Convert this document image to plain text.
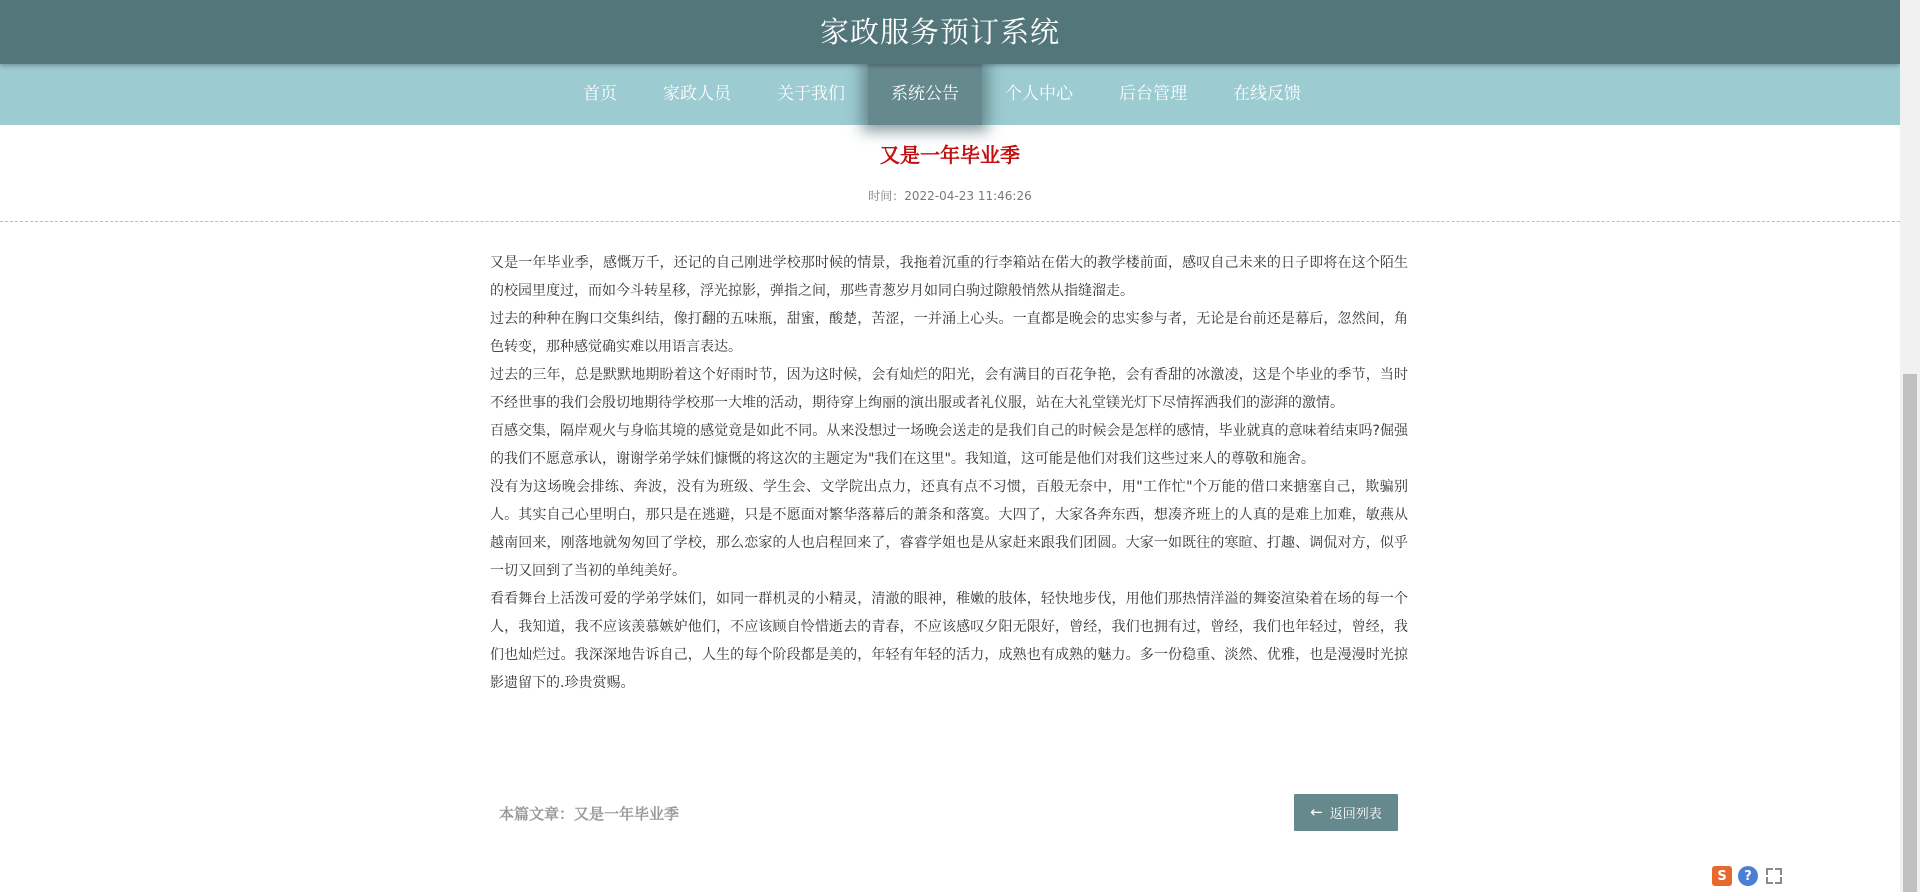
家政服务预订系统
首页	家政人员	关于我们	系统公告	个人中心	后台管理	在线反馈
又是一年毕业季
时间：2022-04-23 11:46:26

又是一年毕业季，感慨万千，还记的自己刚进学校那时候的情景，我拖着沉重的行李箱站在偌大的教学楼前面，感叹自己未来的日子即将在这个陌生的校园里度过，而如今斗转星移，浮光掠影，弹指之间，那些青葱岁月如同白驹过隙般悄然从指缝溜走。

过去的种种在胸口交集纠结，像打翻的五味瓶，甜蜜，酸楚，苦涩，一并涌上心头。一直都是晚会的忠实参与者，无论是台前还是幕后，忽然间，角色转变，那种感觉确实难以用语言表达。

过去的三年，总是默默地期盼着这个好雨时节，因为这时候，会有灿烂的阳光，会有满目的百花争艳，会有香甜的冰激凌，这是个毕业的季节，当时不经世事的我们会殷切地期待学校那一大堆的活动，期待穿上绚丽的演出服或者礼仪服，站在大礼堂镁光灯下尽情挥洒我们的澎湃的激情。

百感交集，隔岸观火与身临其境的感觉竟是如此不同。从来没想过一场晚会送走的是我们自己的时候会是怎样的感情，毕业就真的意味着结束吗?倔强的我们不愿意承认，谢谢学弟学妹们慷慨的将这次的主题定为"我们在这里"。我知道，这可能是他们对我们这些过来人的尊敬和施舍。

没有为这场晚会排练、奔波，没有为班级、学生会、文学院出点力，还真有点不习惯，百般无奈中，用"工作忙"个万能的借口来搪塞自己，欺骗别人。其实自己心里明白，那只是在逃避，只是不愿面对繁华落幕后的萧条和落寞。大四了，大家各奔东西，想凑齐班上的人真的是难上加难，敏燕从越南回来，刚落地就匆匆回了学校，那么恋家的人也启程回来了，睿睿学姐也是从家赶来跟我们团圆。大家一如既往的寒暄、打趣、调侃对方，似乎一切又回到了当初的单纯美好。

看看舞台上活泼可爱的学弟学妹们，如同一群机灵的小精灵，清澈的眼神，稚嫩的肢体，轻快地步伐，用他们那热情洋溢的舞姿渲染着在场的每一个人，我知道，我不应该羡慕嫉妒他们，不应该顾自怜惜逝去的青春，不应该感叹夕阳无限好，曾经，我们也拥有过，曾经，我们也年轻过，曾经，我们也灿烂过。我深深地告诉自己，人生的每个阶段都是美的，年轻有年轻的活力，成熟也有成熟的魅力。多一份稳重、淡然、优雅，也是漫漫时光掠影遗留下的.珍贵赏赐。

本篇文章：又是一年毕业季	← 返回列表
S	?
